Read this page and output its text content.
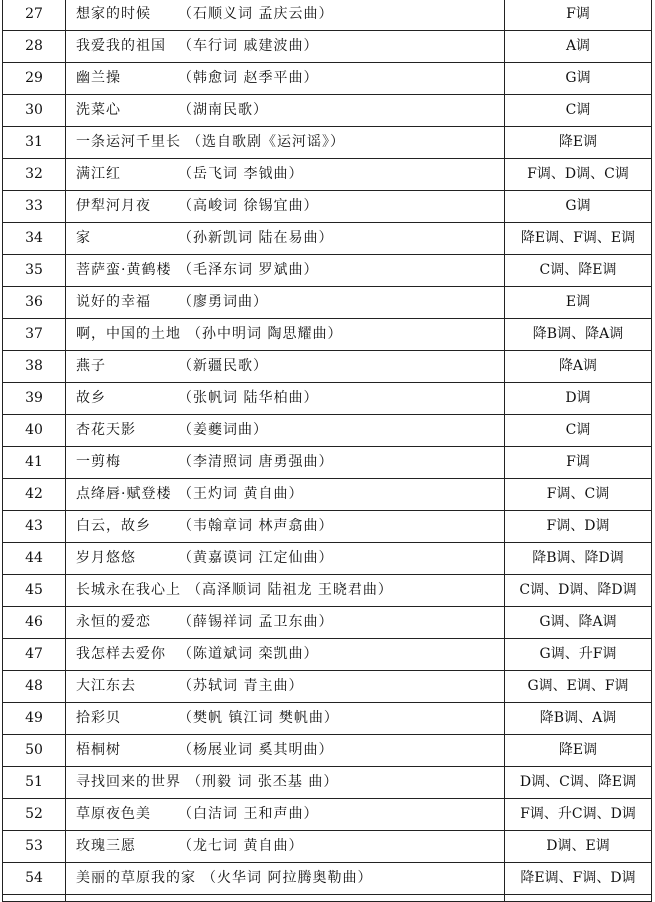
27	想家的时候 （石顺义词 孟庆云曲）	F调
28	我爱我的祖国 （车行词 戚建波曲）	A调
29	幽兰操 （韩愈词 赵季平曲）	G调
30	洗菜心 （湖南民歌）	C调
31	一条运河千里长 （选自歌剧《运河谣》）	降E调
32	满江红 （岳飞词 李钺曲）	F调、D调、C调
33	伊犁河月夜 （高峻词 徐锡宜曲）	G调
34	家 （孙新凯词 陆在易曲）	降E调、F调、E调
35	菩萨蛮·黄鹤楼 （毛泽东词 罗斌曲）	C调、降E调
36	说好的幸福 （廖勇词曲）	E调
37	啊，中国的土地 （孙中明词 陶思耀曲）	降B调、降A调
38	燕子 （新疆民歌）	降A调
39	故乡 （张帆词 陆华柏曲）	D调
40	杏花天影 （姜夔词曲）	C调
41	一剪梅 （李清照词 唐勇强曲）	F调
42	点绛唇·赋登楼 （王灼词 黄自曲）	F调、C调
43	白云，故乡 （韦翰章词 林声翕曲）	F调、D调
44	岁月悠悠 （黄嘉谟词 江定仙曲）	降B调、降D调
45	长城永在我心上 （高泽顺词 陆祖龙 王晓君曲）	C调、D调、降D调
46	永恒的爱恋 （薛锡祥词 孟卫东曲）	G调、降A调
47	我怎样去爱你 （陈道斌词 栾凯曲）	G调、升F调
48	大江东去 （苏轼词 青主曲）	G调、E调、F调
49	拾彩贝 （樊帆 镇江词 樊帆曲）	降B调、A调
50	梧桐树 （杨展业词 奚其明曲）	降E调
51	寻找回来的世界 （刑毅 词 张丕基 曲）	D调、C调、降E调
52	草原夜色美 （白洁词 王和声曲）	F调、升C调、D调
53	玫瑰三愿 （龙七词 黄自曲）	D调、E调
54	美丽的草原我的家 （火华词 阿拉腾奥勒曲）	降E调、F调、D调
